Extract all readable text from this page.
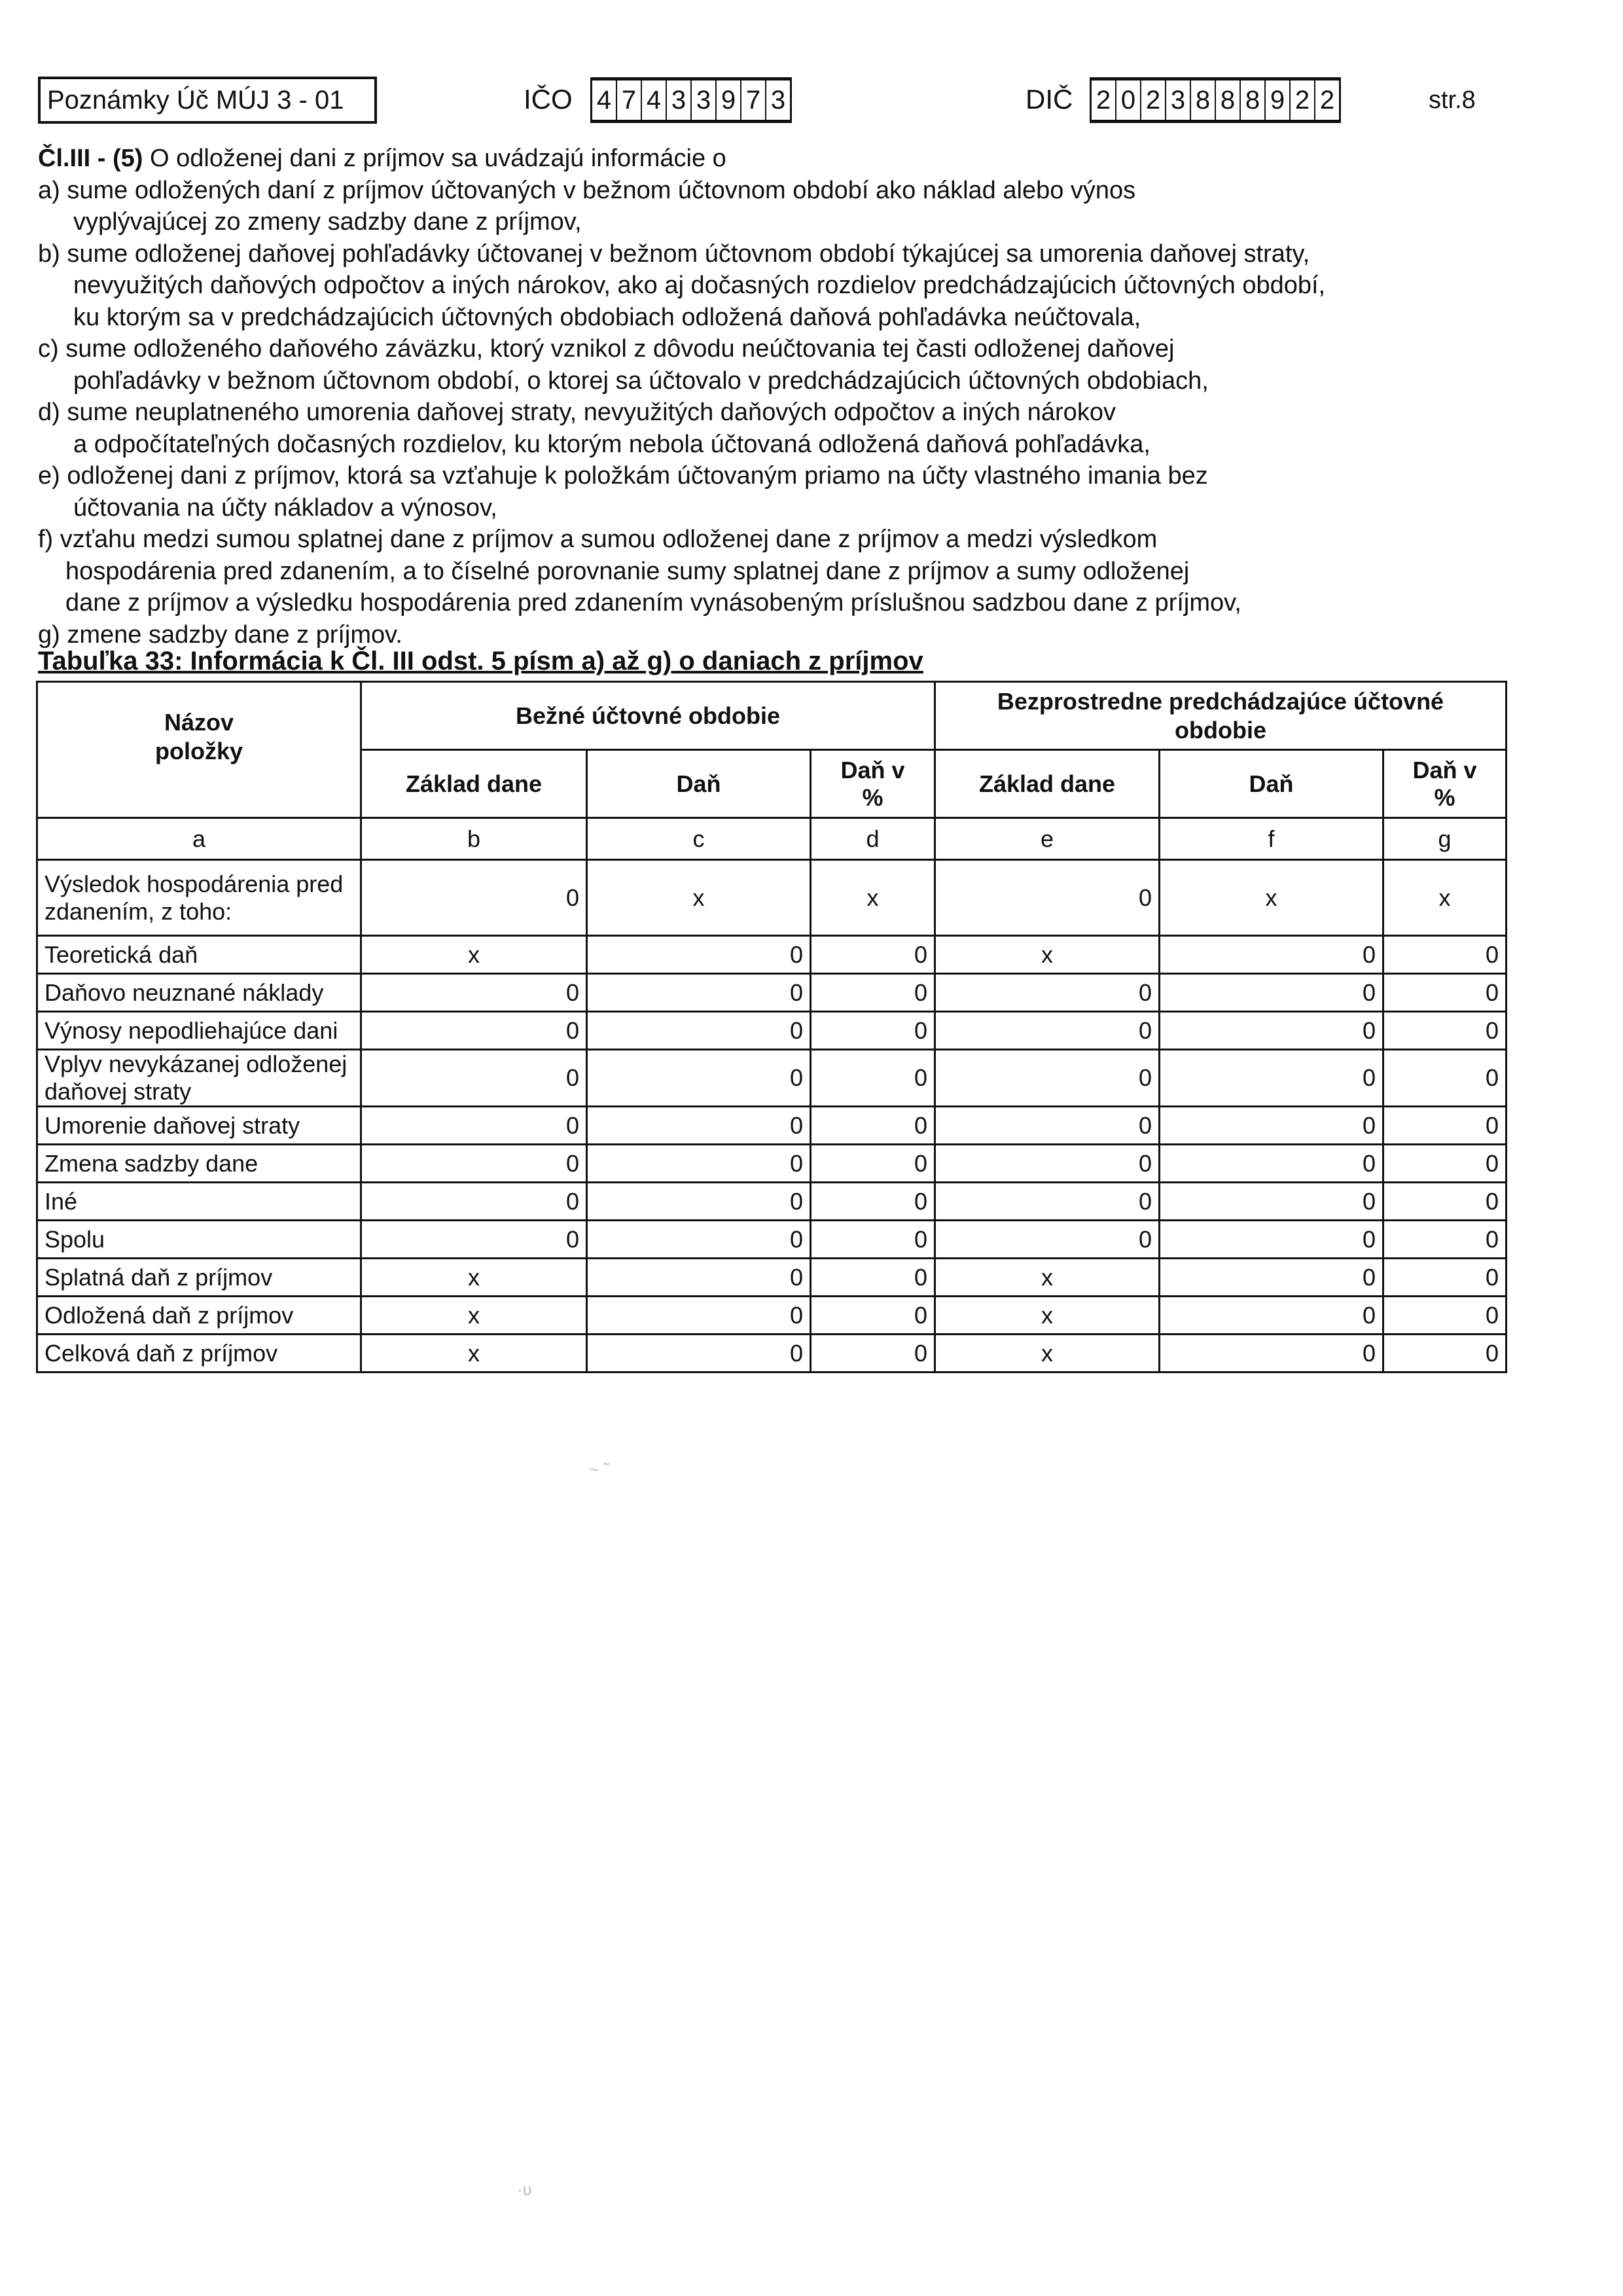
Poznámky Úč MÚJ 3 - 01	IČO 4 7 4 3 3 9 7 3	DIČ 2 0 2 3 8 8 8 9 2 2	str.8

Čl.III - (5) O odloženej dani z príjmov sa uvádzajú informácie o

a) sume odložených daní z príjmov účtovaných v bežnom účtovnom období ako náklad alebo výnos

vyplývajúcej zo zmeny sadzby dane z príjmov,

b) sume odloženej daňovej pohľadávky účtovanej v bežnom účtovnom období týkajúcej sa umorenia daňovej straty,

nevyužitých daňových odpočtov a iných nárokov, ako aj dočasných rozdielov predchádzajúcich účtovných období,

ku ktorým sa v predchádzajúcich účtovných obdobiach odložená daňová pohľadávka neúčtovala,

c) sume odloženého daňového záväzku, ktorý vznikol z dôvodu neúčtovania tej časti odloženej daňovej

pohľadávky v bežnom účtovnom období, o ktorej sa účtovalo v predchádzajúcich účtovných obdobiach,

d) sume neuplatneného umorenia daňovej straty, nevyužitých daňových odpočtov a iných nárokov

a odpočítateľných dočasných rozdielov, ku ktorým nebola účtovaná odložená daňová pohľadávka,

e) odloženej dani z príjmov, ktorá sa vzťahuje k položkám účtovaným priamo na účty vlastného imania bez

účtovania na účty nákladov a výnosov,

f) vzťahu medzi sumou splatnej dane z príjmov a sumou odloženej dane z príjmov a medzi výsledkom

hospodárenia pred zdanením, a to číselné porovnanie sumy splatnej dane z príjmov a sumy odloženej

dane z príjmov a výsledku hospodárenia pred zdanením vynásobeným príslušnou sadzbou dane z príjmov,

g) zmene sadzby dane z príjmov.

Tabuľka 33: Informácia k Čl. III odst. 5 písm a) až g) o daniach z príjmov
Názov položky	Bežné účtovné obdobie			Bezprostredne predchádzajúce účtovné obdobie		
	Základ dane	Daň	Daň v %	Základ dane	Daň	Daň v %
a	b	c	d	e	f	g
Výsledok hospodárenia pred zdanením, z toho:	0	x	x	0	x	x
Teoretická daň	x	0	0	x	0	0
Daňovo neuznané náklady	0	0	0	0	0	0
Výnosy nepodliehajúce dani	0	0	0	0	0	0
Vplyv nevykázanej odloženej daňovej straty	0	0	0	0	0	0
Umorenie daňovej straty	0	0	0	0	0	0
Zmena sadzby dane	0	0	0	0	0	0
Iné	0	0	0	0	0	0
Spolu	0	0	0	0	0	0
Splatná daň z príjmov	x	0	0	x	0	0
Odložená daň z príjmov	x	0	0	x	0	0
Celková daň z príjmov	x	0	0	x	0	0
~ ˜
·ʋ
